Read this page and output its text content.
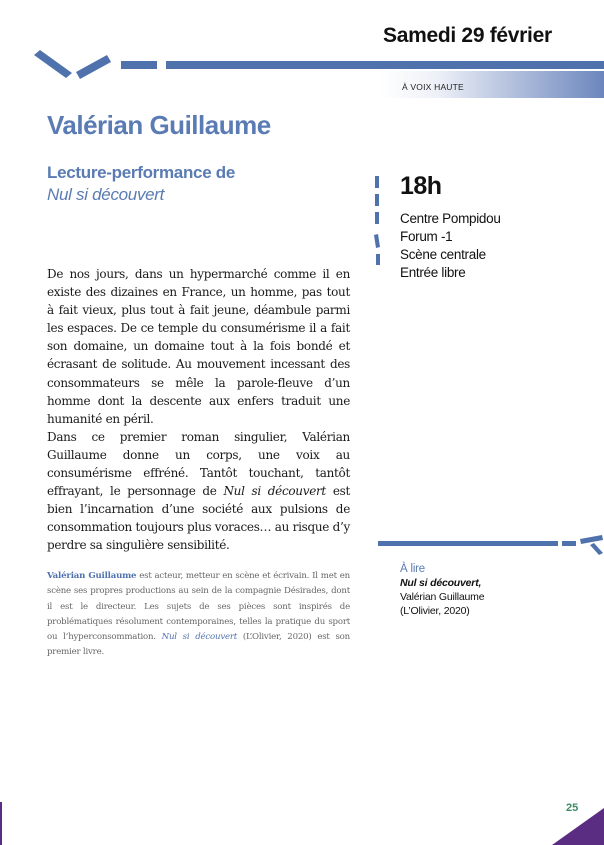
Samedi 29 février
À VOIX HAUTE
Valérian Guillaume
Lecture-performance de
Nul si découvert	18h
Centre Pompidou
Forum -1
Scène centrale
Entrée libre

De nos jours, dans un hypermarché comme il en existe des dizaines en France, un homme, pas tout à fait vieux, plus tout à fait jeune, déambule parmi les espaces. De ce temple du consumérisme il a fait son domaine, un domaine tout à la fois bondé et écrasant de solitude. Au mouvement incessant des consommateurs se mêle la parole-fleuve d’un homme dont la descente aux enfers traduit une humanité en péril.

Dans ce premier roman singulier, Valérian Guillaume donne un corps, une voix au consumérisme effréné. Tantôt touchant, tantôt effrayant, le personnage de Nul si découvert est bien l’incarnation d’une société aux pulsions de consommation toujours plus voraces… au risque d’y perdre sa singulière sensibilité.

Valérian Guillaume est acteur, metteur en scène et écrivain. Il met en scène ses propres productions au sein de la compagnie Désirades, dont il est le directeur. Les sujets de ses pièces sont inspirés de problématiques résolument contemporaines, telles la pratique du sport ou l’hyperconsommation. Nul si découvert (L’Olivier, 2020) est son premier livre.
À lire
Nul si découvert,
Valérian Guillaume
(L’Olivier, 2020)
25
